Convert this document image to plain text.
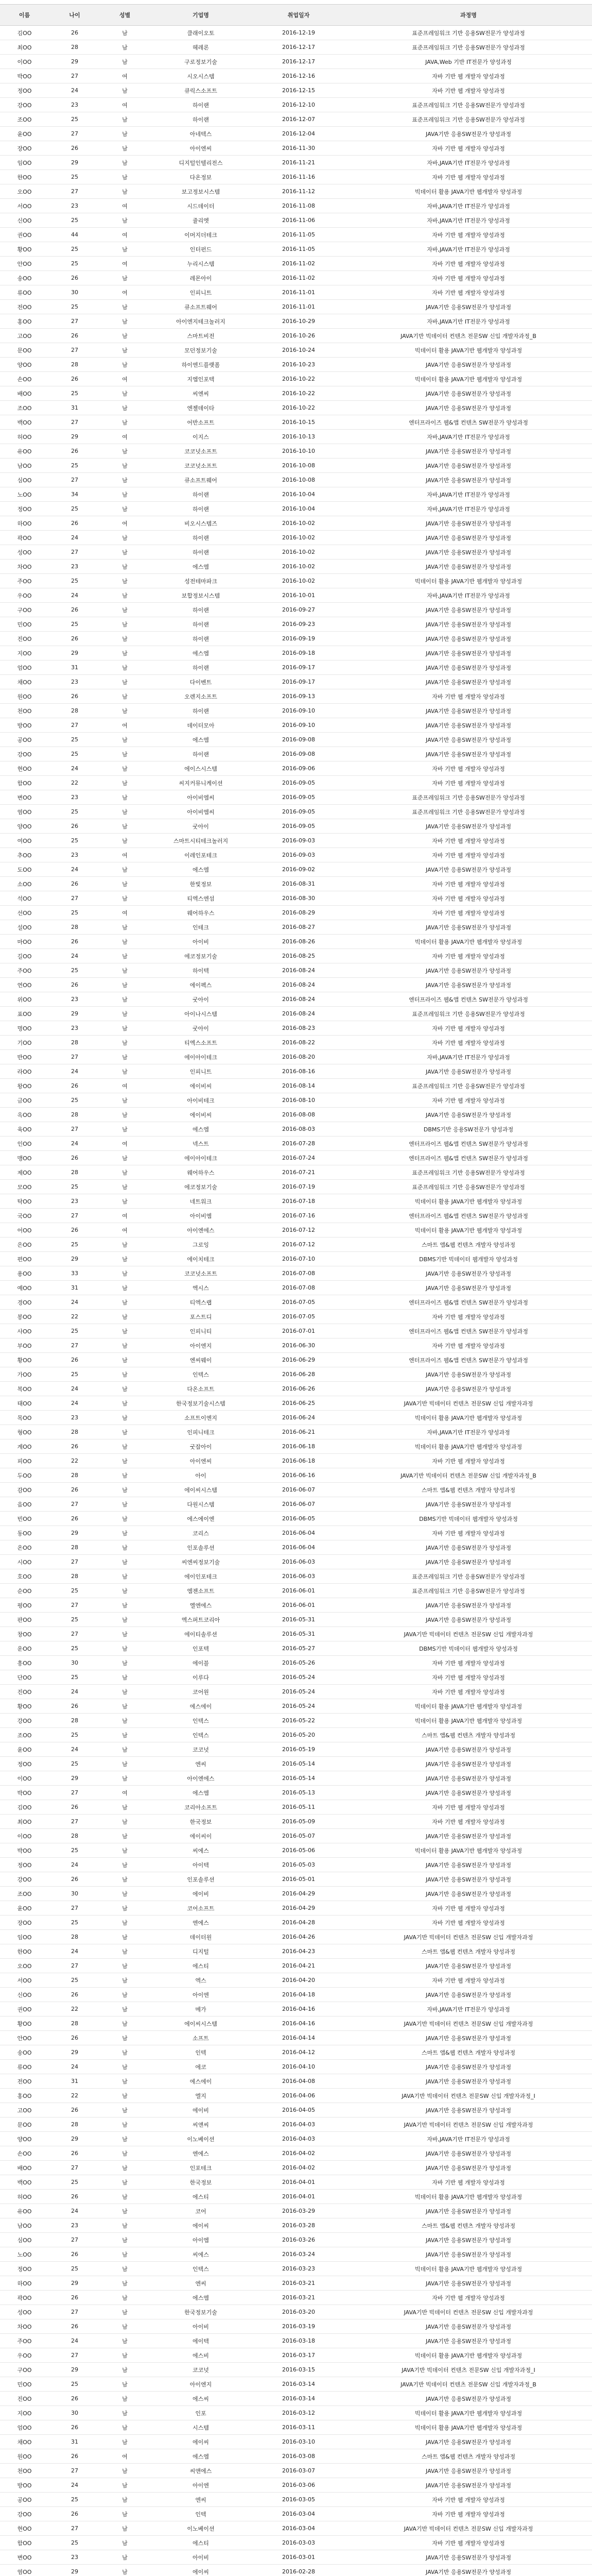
이름	나이	성별	기업명	취업일자	과정명
김OO	26	남	클래이오토	2016-12-19	표준프레임워크 기반 응용SW전문가 양성과정
최OO	28	남	헤레론	2016-12-17	표준프레임워크 기반 응용SW전문가 양성과정
이OO	29	남	구로정보기술	2016-12-17	JAVA,Web 기반 IT전문가 양성과정
박OO	27	여	시오시스템	2016-12-16	자바 기반 웹 개발자 양성과정
정OO	24	남	큐릭스소프트	2016-12-15	자바 기반 웹 개발자 양성과정
강OO	23	여	하이랜	2016-12-10	표준프레임워크 기반 응용SW전문가 양성과정
조OO	25	남	하이랜	2016-12-07	표준프레임워크 기반 응용SW전문가 양성과정
윤OO	27	남	아네텍스	2016-12-04	JAVA기반 응용SW전문가 양성과정
장OO	26	남	아이엔씨	2016-11-30	자바 기반 웹 개발자 양성과정
임OO	29	남	디지털인텔리전스	2016-11-21	자바,JAVA기반 IT전문가 양성과정
한OO	25	남	다온정보	2016-11-16	자바 기반 웹 개발자 양성과정
오OO	27	남	보고정보시스템	2016-11-12	빅데이터 활용 JAVA기반 웹개발자 양성과정
서OO	23	여	시드데이터	2016-11-08	자바,JAVA기반 IT전문가 양성과정
신OO	25	남	쥴리엣	2016-11-06	자바,JAVA기반 IT전문가 양성과정
권OO	44	여	이머지더테크	2016-11-05	자바 기반 웹 개발자 양성과정
황OO	25	남	인터펀드	2016-11-05	자바,JAVA기반 IT전문가 양성과정
안OO	25	여	누리시스템	2016-11-02	자바 기반 웹 개발자 양성과정
송OO	26	남	레몬아이	2016-11-02	자바 기반 웹 개발자 양성과정
류OO	30	여	인피니트	2016-11-01	자바 기반 웹 개발자 양성과정
전OO	25	남	큐소프트웨어	2016-11-01	JAVA기반 응용SW전문가 양성과정
홍OO	27	남	아이엔지테크놀러지	2016-10-29	자바,JAVA기반 IT전문가 양성과정
고OO	26	남	스마트비전	2016-10-26	JAVA기반 빅데이터 컨텐츠 전문SW 신입 개발자과정_B
문OO	27	남	모던정보기술	2016-10-24	빅데이터 활용 JAVA기반 웹개발자 양성과정
양OO	28	남	하이엔드플랫폼	2016-10-23	JAVA기반 응용SW전문가 양성과정
손OO	26	여	지엠인포텍	2016-10-22	빅데이터 활용 JAVA기반 웹개발자 양성과정
배OO	25	남	씨엔씨	2016-10-22	JAVA기반 응용SW전문가 양성과정
조OO	31	남	엔젤데이타	2016-10-22	JAVA기반 응용SW전문가 양성과정
백OO	27	남	어반소프트	2016-10-15	엔터프라이즈 웹&앱 컨텐츠 SW전문가 양성과정
허OO	29	여	이지스	2016-10-13	자바,JAVA기반 IT전문가 양성과정
유OO	26	남	코코넛소프트	2016-10-10	JAVA기반 응용SW전문가 양성과정
남OO	25	남	코코넛소프트	2016-10-08	JAVA기반 응용SW전문가 양성과정
심OO	27	남	큐소프트웨어	2016-10-08	JAVA기반 응용SW전문가 양성과정
노OO	34	남	하이랜	2016-10-04	자바,JAVA기반 IT전문가 양성과정
정OO	25	남	하이랜	2016-10-04	자바,JAVA기반 IT전문가 양성과정
하OO	26	여	비오시스템즈	2016-10-02	JAVA기반 응용SW전문가 양성과정
곽OO	24	남	하이랜	2016-10-02	JAVA기반 응용SW전문가 양성과정
성OO	27	남	하이랜	2016-10-02	JAVA기반 응용SW전문가 양성과정
차OO	23	남	에스엠	2016-10-02	JAVA기반 응용SW전문가 양성과정
주OO	25	남	성전테마파크	2016-10-02	빅데이터 활용 JAVA기반 웹개발자 양성과정
우OO	24	남	보합정보시스템	2016-10-01	자바,JAVA기반 IT전문가 양성과정
구OO	26	남	하이랜	2016-09-27	JAVA기반 응용SW전문가 양성과정
민OO	25	남	하이랜	2016-09-23	JAVA기반 응용SW전문가 양성과정
진OO	26	남	하이랜	2016-09-19	JAVA기반 응용SW전문가 양성과정
지OO	29	남	에스엠	2016-09-18	JAVA기반 응용SW전문가 양성과정
엄OO	31	남	하이랜	2016-09-17	JAVA기반 응용SW전문가 양성과정
채OO	23	남	다이벤트	2016-09-17	JAVA기반 응용SW전문가 양성과정
원OO	26	남	오렌지소프트	2016-09-13	자바 기반 웹 개발자 양성과정
천OO	28	남	하이랜	2016-09-10	JAVA기반 응용SW전문가 양성과정
방OO	27	여	데이터모아	2016-09-10	JAVA기반 응용SW전문가 양성과정
공OO	25	남	에스엠	2016-09-08	JAVA기반 응용SW전문가 양성과정
강OO	25	남	하이랜	2016-09-08	JAVA기반 응용SW전문가 양성과정
현OO	24	남	에이스시스템	2016-09-06	자바 기반 웹 개발자 양성과정
함OO	22	남	씨지커뮤니케이션	2016-09-05	자바 기반 웹 개발자 양성과정
변OO	23	남	아이비엠씨	2016-09-05	표준프레임워크 기반 응용SW전문가 양성과정
염OO	25	남	아이비엠씨	2016-09-05	표준프레임워크 기반 응용SW전문가 양성과정
양OO	26	남	굿아이	2016-09-05	JAVA기반 응용SW전문가 양성과정
여OO	25	남	스마트시티테크놀러지	2016-09-03	자바 기반 웹 개발자 양성과정
추OO	23	여	이레인포테크	2016-09-03	자바 기반 웹 개발자 양성과정
도OO	24	남	에스엠	2016-09-02	JAVA기반 응용SW전문가 양성과정
소OO	26	남	한빛정보	2016-08-31	자바 기반 웹 개발자 양성과정
석OO	27	남	티엑스엔섬	2016-08-30	자바 기반 웹 개발자 양성과정
선OO	25	여	웨어하우스	2016-08-29	자바 기반 웹 개발자 양성과정
설OO	28	남	인테크	2016-08-27	JAVA기반 응용SW전문가 양성과정
마OO	26	남	아이비	2016-08-26	빅데이터 활용 JAVA기반 웹개발자 양성과정
길OO	24	남	에코정보기술	2016-08-25	자바 기반 웹 개발자 양성과정
주OO	25	남	하이텍	2016-08-24	JAVA기반 응용SW전문가 양성과정
연OO	26	남	에이펙스	2016-08-24	JAVA기반 응용SW전문가 양성과정
위OO	23	남	굿아이	2016-08-24	엔터프라이즈 웹&앱 컨텐츠 SW전문가 양성과정
표OO	29	남	아이나시스템	2016-08-24	표준프레임워크 기반 응용SW전문가 양성과정
명OO	23	남	굿아이	2016-08-23	자바 기반 웹 개발자 양성과정
기OO	28	남	티엑스소프트	2016-08-22	자바 기반 웹 개발자 양성과정
반OO	27	남	에이아이테크	2016-08-20	자바,JAVA기반 IT전문가 양성과정
라OO	24	남	인피니트	2016-08-16	JAVA기반 응용SW전문가 양성과정
왕OO	26	여	에이비씨	2016-08-14	표준프레임워크 기반 응용SW전문가 양성과정
금OO	25	남	아이비테크	2016-08-10	자바 기반 웹 개발자 양성과정
옥OO	28	남	에이비씨	2016-08-08	JAVA기반 응용SW전문가 양성과정
육OO	27	남	에스엠	2016-08-03	DBMS기반 응용SW전문가 양성과정
인OO	24	여	넥스트	2016-07-28	엔터프라이즈 웹&앱 컨텐츠 SW전문가 양성과정
맹OO	26	남	에이아이테크	2016-07-24	엔터프라이즈 웹&앱 컨텐츠 SW전문가 양성과정
제OO	28	남	웨어하우스	2016-07-21	표준프레임워크 기반 응용SW전문가 양성과정
모OO	25	남	에코정보기술	2016-07-19	표준프레임워크 기반 응용SW전문가 양성과정
탁OO	23	남	네트워크	2016-07-18	빅데이터 활용 JAVA기반 웹개발자 양성과정
국OO	27	여	아이비엠	2016-07-16	엔터프라이즈 웹&앱 컨텐츠 SW전문가 양성과정
어OO	26	여	아이엔에스	2016-07-12	빅데이터 활용 JAVA기반 웹개발자 양성과정
은OO	25	남	그로잉	2016-07-12	스마트 앱&웹 컨텐츠 개발자 양성과정
편OO	29	남	에이치테크	2016-07-10	DBMS기반 빅데이터 웹개발자 양성과정
용OO	33	남	코코넛소프트	2016-07-08	JAVA기반 응용SW전문가 양성과정
예OO	31	남	엑시스	2016-07-08	JAVA기반 응용SW전문가 양성과정
경OO	24	남	티엑스랩	2016-07-05	엔터프라이즈 웹&앱 컨텐츠 SW전문가 양성과정
봉OO	22	남	포스트디	2016-07-05	자바 기반 웹 개발자 양성과정
사OO	25	남	인피니티	2016-07-01	엔터프라이즈 웹&앱 컨텐츠 SW전문가 양성과정
부OO	27	남	아이엔지	2016-06-30	자바 기반 웹 개발자 양성과정
황OO	26	남	엔씨웨이	2016-06-29	엔터프라이즈 웹&앱 컨텐츠 SW전문가 양성과정
가OO	25	남	인텍스	2016-06-28	JAVA기반 응용SW전문가 양성과정
복OO	24	남	다온소프트	2016-06-26	JAVA기반 응용SW전문가 양성과정
태OO	24	남	한국정보기술시스템	2016-06-25	JAVA기반 빅데이터 컨텐츠 전문SW 신입 개발자과정
목OO	23	남	소프트이엔지	2016-06-24	빅데이터 활용 JAVA기반 웹개발자 양성과정
형OO	28	남	인피니테크	2016-06-21	자바,JAVA기반 IT전문가 양성과정
계OO	26	남	굿잡아이	2016-06-18	빅데이터 활용 JAVA기반 웹개발자 양성과정
피OO	22	남	아이엔씨	2016-06-18	자바 기반 웹 개발자 양성과정
두OO	28	남	아이	2016-06-16	JAVA기반 빅데이터 컨텐츠 전문SW 신입 개발자과정_B
감OO	26	남	에이씨시스템	2016-06-07	스마트 앱&웹 컨텐츠 개발자 양성과정
음OO	27	남	다원시스템	2016-06-07	JAVA기반 응용SW전문가 양성과정
빈OO	26	남	에스에이엔	2016-06-05	DBMS기반 빅데이터 웹개발자 양성과정
동OO	29	남	코리스	2016-06-04	자바 기반 웹 개발자 양성과정
온OO	28	남	인포솔루션	2016-06-04	JAVA기반 응용SW전문가 양성과정
시OO	27	남	씨엔씨정보기술	2016-06-03	JAVA기반 응용SW전문가 양성과정
호OO	28	남	에이인포테크	2016-06-03	표준프레임워크 기반 응용SW전문가 양성과정
순OO	25	남	엠젠소프트	2016-06-01	표준프레임워크 기반 응용SW전문가 양성과정
평OO	27	남	엘엔에스	2016-06-01	JAVA기반 응용SW전문가 양성과정
판OO	25	남	엑스퍼트코리아	2016-05-31	JAVA기반 응용SW전문가 양성과정
창OO	27	남	에이티솔루션	2016-05-31	JAVA기반 빅데이터 컨텐츠 전문SW 신입 개발자과정
운OO	25	남	인포텍	2016-05-27	DBMS기반 빅데이터 웹개발자 양성과정
흥OO	30	남	에이블	2016-05-26	자바 기반 웹 개발자 양성과정
단OO	25	남	이루다	2016-05-24	자바 기반 웹 개발자 양성과정
진OO	24	남	코어원	2016-05-24	자바 기반 웹 개발자 양성과정
황OO	26	남	에스에이	2016-05-24	빅데이터 활용 JAVA기반 웹개발자 양성과정
강OO	28	남	인텍스	2016-05-22	빅데이터 활용 JAVA기반 웹개발자 양성과정
조OO	25	남	인텍스	2016-05-20	스마트 앱&웹 컨텐츠 개발자 양성과정
윤OO	24	남	코코넛	2016-05-19	JAVA기반 응용SW전문가 양성과정
정OO	25	남	엔씨	2016-05-14	JAVA기반 응용SW전문가 양성과정
이OO	29	남	아이엔에스	2016-05-14	JAVA기반 응용SW전문가 양성과정
박OO	27	여	에스엠	2016-05-13	JAVA기반 응용SW전문가 양성과정
김OO	26	남	코리아소프트	2016-05-11	자바 기반 웹 개발자 양성과정
최OO	27	남	한국정보	2016-05-09	자바 기반 웹 개발자 양성과정
이OO	28	남	에이씨이	2016-05-07	JAVA기반 응용SW전문가 양성과정
박OO	25	남	씨에스	2016-05-06	빅데이터 활용 JAVA기반 웹개발자 양성과정
정OO	24	남	아이텍	2016-05-03	JAVA기반 응용SW전문가 양성과정
강OO	26	남	인포솔루션	2016-05-01	JAVA기반 응용SW전문가 양성과정
조OO	30	남	에이비	2016-04-29	JAVA기반 응용SW전문가 양성과정
윤OO	27	남	코어소프트	2016-04-29	자바 기반 웹 개발자 양성과정
장OO	25	남	엔에스	2016-04-28	자바 기반 웹 개발자 양성과정
임OO	28	남	데이터원	2016-04-26	JAVA기반 빅데이터 컨텐츠 전문SW 신입 개발자과정
한OO	24	남	디지털	2016-04-23	스마트 앱&웹 컨텐츠 개발자 양성과정
오OO	27	남	에스티	2016-04-21	JAVA기반 응용SW전문가 양성과정
서OO	25	남	엑스	2016-04-20	자바 기반 웹 개발자 양성과정
신OO	26	남	아이엔	2016-04-18	JAVA기반 응용SW전문가 양성과정
권OO	22	남	메가	2016-04-16	자바,JAVA기반 IT전문가 양성과정
황OO	28	남	에이씨시스템	2016-04-16	JAVA기반 빅데이터 컨텐츠 전문SW 신입 개발자과정
안OO	26	남	소프트	2016-04-14	JAVA기반 응용SW전문가 양성과정
송OO	29	남	인텍	2016-04-12	스마트 앱&웹 컨텐츠 개발자 양성과정
류OO	24	남	에코	2016-04-10	JAVA기반 응용SW전문가 양성과정
전OO	31	남	에스에이	2016-04-08	JAVA기반 응용SW전문가 양성과정
홍OO	22	남	엘지	2016-04-06	JAVA기반 빅데이터 컨텐츠 전문SW 신입 개발자과정_I
고OO	26	남	에이비	2016-04-05	JAVA기반 응용SW전문가 양성과정
문OO	28	남	씨앤씨	2016-04-03	JAVA기반 빅데이터 컨텐츠 전문SW 신입 개발자과정
양OO	29	남	이노베이션	2016-04-03	자바,JAVA기반 IT전문가 양성과정
손OO	26	남	엔에스	2016-04-02	JAVA기반 응용SW전문가 양성과정
배OO	27	남	인포테크	2016-04-02	JAVA기반 응용SW전문가 양성과정
백OO	25	남	한국정보	2016-04-01	자바 기반 웹 개발자 양성과정
허OO	26	남	에스티	2016-04-01	빅데이터 활용 JAVA기반 웹개발자 양성과정
유OO	24	남	코어	2016-03-29	JAVA기반 응용SW전문가 양성과정
남OO	23	남	에이씨	2016-03-28	스마트 앱&웹 컨텐츠 개발자 양성과정
심OO	27	남	아이엠	2016-03-26	JAVA기반 응용SW전문가 양성과정
노OO	26	남	씨에스	2016-03-24	JAVA기반 응용SW전문가 양성과정
정OO	25	남	인텍스	2016-03-23	빅데이터 활용 JAVA기반 웹개발자 양성과정
하OO	29	남	엔씨	2016-03-21	JAVA기반 응용SW전문가 양성과정
곽OO	26	남	에스엠	2016-03-21	자바 기반 웹 개발자 양성과정
성OO	27	남	한국정보기술	2016-03-20	JAVA기반 빅데이터 컨텐츠 전문SW 신입 개발자과정
차OO	26	남	아이비	2016-03-19	JAVA기반 응용SW전문가 양성과정
주OO	24	남	에이텍	2016-03-18	JAVA기반 응용SW전문가 양성과정
우OO	27	남	에스비	2016-03-17	빅데이터 활용 JAVA기반 웹개발자 양성과정
구OO	29	남	코코넛	2016-03-15	JAVA기반 빅데이터 컨텐츠 전문SW 신입 개발자과정_I
민OO	25	남	아이엔지	2016-03-14	JAVA기반 빅데이터 컨텐츠 전문SW 신입 개발자과정_B
진OO	26	남	에스씨	2016-03-14	JAVA기반 응용SW전문가 양성과정
지OO	30	남	인포	2016-03-12	빅데이터 활용 JAVA기반 웹개발자 양성과정
엄OO	26	남	시스템	2016-03-11	빅데이터 활용 JAVA기반 웹개발자 양성과정
채OO	31	남	에이씨	2016-03-10	JAVA기반 응용SW전문가 양성과정
원OO	26	여	에스엠	2016-03-08	스마트 앱&웹 컨텐츠 개발자 양성과정
천OO	27	남	씨앤에스	2016-03-07	JAVA기반 응용SW전문가 양성과정
방OO	24	남	아이엔	2016-03-06	JAVA기반 응용SW전문가 양성과정
공OO	25	남	엔씨	2016-03-05	자바 기반 웹 개발자 양성과정
강OO	26	남	인텍	2016-03-04	자바 기반 웹 개발자 양성과정
현OO	27	남	이노베이션	2016-03-04	JAVA기반 빅데이터 컨텐츠 전문SW 신입 개발자과정
함OO	25	남	에스티	2016-03-03	자바 기반 웹 개발자 양성과정
변OO	23	남	아이비	2016-03-01	JAVA기반 응용SW전문가 양성과정
염OO	29	남	에이씨	2016-02-28	JAVA기반 응용SW전문가 양성과정
